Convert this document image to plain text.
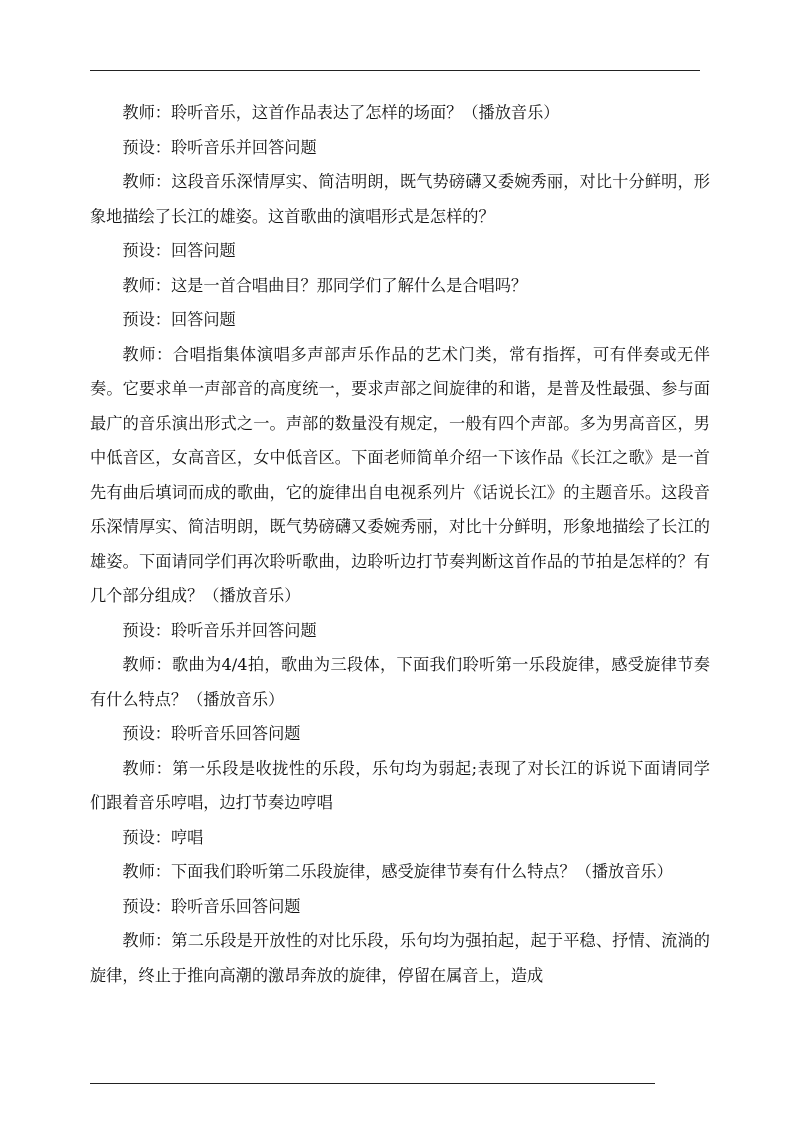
教师：聆听音乐，这首作品表达了怎样的场面？（播放音乐）

预设：聆听音乐并回答问题

教师：这段音乐深情厚实、简洁明朗，既气势磅礴又委婉秀丽，对比十分鲜明，形象地描绘了长江的雄姿。这首歌曲的演唱形式是怎样的？

预设：回答问题

教师：这是一首合唱曲目？那同学们了解什么是合唱吗？

预设：回答问题

教师：合唱指集体演唱多声部声乐作品的艺术门类，常有指挥，可有伴奏或无伴奏。它要求单一声部音的高度统一，要求声部之间旋律的和谐，是普及性最强、参与面最广的音乐演出形式之一。声部的数量没有规定，一般有四个声部。多为男高音区，男中低音区，女高音区，女中低音区。下面老师简单介绍一下该作品《长江之歌》是一首先有曲后填词而成的歌曲，它的旋律出自电视系列片《话说长江》的主题音乐。这段音乐深情厚实、简洁明朗，既气势磅礴又委婉秀丽，对比十分鲜明，形象地描绘了长江的雄姿。下面请同学们再次聆听歌曲，边聆听边打节奏判断这首作品的节拍是怎样的？有几个部分组成？（播放音乐）

预设：聆听音乐并回答问题

教师：歌曲为4/4拍，歌曲为三段体，下面我们聆听第一乐段旋律，感受旋律节奏有什么特点？（播放音乐）

预设：聆听音乐回答问题

教师：第一乐段是收拢性的乐段，乐句均为弱起;表现了对长江的诉说下面请同学们跟着音乐哼唱，边打节奏边哼唱

预设：哼唱

教师：下面我们聆听第二乐段旋律，感受旋律节奏有什么特点？（播放音乐）

预设：聆听音乐回答问题

教师：第二乐段是开放性的对比乐段，乐句均为强拍起，起于平稳、抒情、流淌的旋律，终止于推向高潮的激昂奔放的旋律，停留在属音上，造成
